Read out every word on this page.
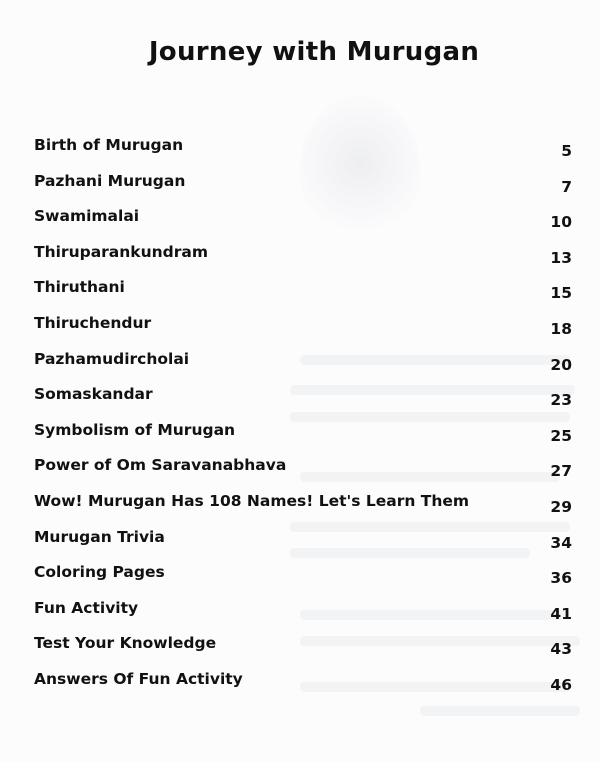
Journey with Murugan
Birth of Murugan	5
Pazhani Murugan	7
Swamimalai	10
Thiruparankundram	13
Thiruthani	15
Thiruchendur	18
Pazhamudircholai	20
Somaskandar	23
Symbolism of Murugan	25
Power of Om Saravanabhava	27
Wow! Murugan Has 108 Names! Let's Learn Them	29
Murugan Trivia	34
Coloring Pages	36
Fun Activity	41
Test Your Knowledge	43
Answers Of Fun Activity	46
